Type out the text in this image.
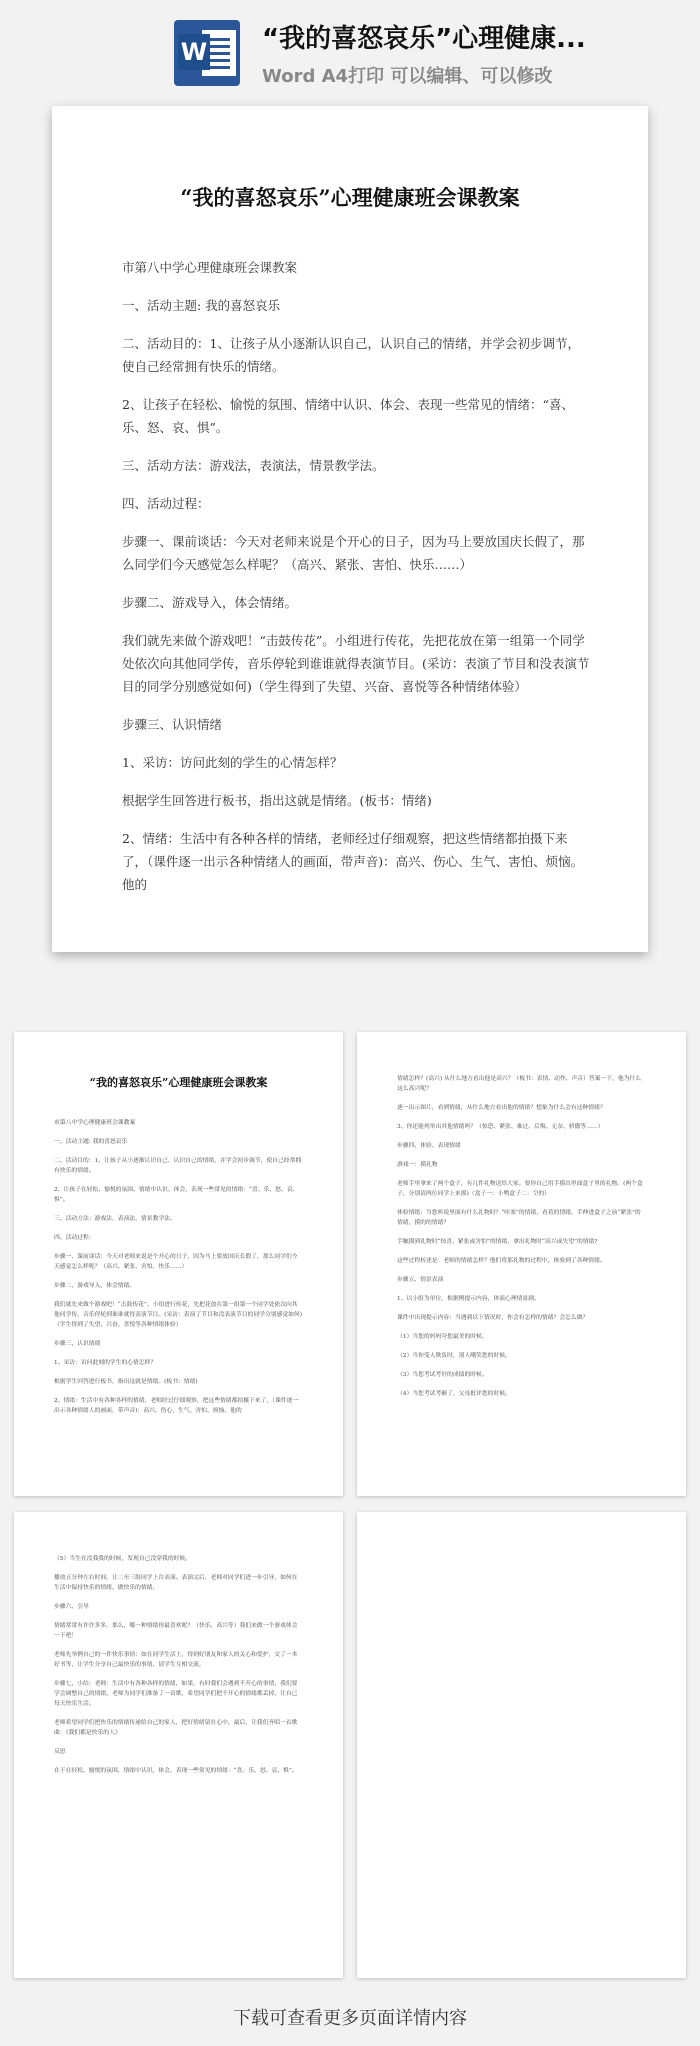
W “我的喜怒哀乐”心理健康...
Word A4打印 可以编辑、可以修改
“我的喜怒哀乐”心理健康班会课教案

市第八中学心理健康班会课教案

一、活动主题: 我的喜怒哀乐

二、活动目的：1、让孩子从小逐渐认识自己，认识自己的情绪，并学会初步调节，使自己经常拥有快乐的情绪。

2、让孩子在轻松、愉悦的氛围、情绪中认识、体会、表现一些常见的情绪：“喜、乐、怒、哀、惧”。

三、活动方法：游戏法，表演法，情景教学法。

四、活动过程：

步骤一、课前谈话：今天对老师来说是个开心的日子，因为马上要放国庆长假了，那么同学们今天感觉怎么样呢？（高兴、紧张、害怕、快乐……）

步骤二、游戏导入，体会情绪。

我们就先来做个游戏吧！“击鼓传花”。小组进行传花，先把花放在第一组第一个同学处依次向其他同学传，音乐停轮到谁谁就得表演节目。(采访：表演了节目和没表演节目的同学分别感觉如何)（学生得到了失望、兴奋、喜悦等各种情绪体验）

步骤三、认识情绪

1、采访：访问此刻的学生的心情怎样？

根据学生回答进行板书，指出这就是情绪。(板书：情绪)

2、情绪：生活中有各种各样的情绪，老师经过仔细观察，把这些情绪都拍摄下来了，（课件逐一出示各种情绪人的画面，带声音)：高兴、伤心、生气、害怕、烦恼。他的

“我的喜怒哀乐”心理健康班会课教案

市第八中学心理健康班会课教案

一、活动主题: 我的喜怒哀乐

二、活动目的：1、让孩子从小逐渐认识自己，认识自己的情绪，并学会初步调节，使自己经常拥有快乐的情绪。

2、让孩子在轻松、愉悦的氛围、情绪中认识、体会、表现一些常见的情绪：“喜、乐、怒、哀、惧”。

三、活动方法：游戏法，表演法，情景教学法。

四、活动过程：

步骤一、课前谈话：今天对老师来说是个开心的日子，因为马上要放国庆长假了，那么同学们今天感觉怎么样呢？（高兴、紧张、害怕、快乐……）

步骤二、游戏导入，体会情绪。

我们就先来做个游戏吧！“击鼓传花”。小组进行传花，先把花放在第一组第一个同学处依次向其他同学传，音乐停轮到谁谁就得表演节目。(采访：表演了节目和没表演节目的同学分别感觉如何)（学生得到了失望、兴奋、喜悦等各种情绪体验）

步骤三、认识情绪

1、采访：访问此刻的学生的心情怎样？

根据学生回答进行板书，指出这就是情绪。(板书：情绪)

2、情绪：生活中有各种各样的情绪，老师经过仔细观察，把这些情绪都拍摄下来了，（课件逐一出示各种情绪人的画面，带声音)：高兴、伤心、生气、害怕、烦恼。他的

情绪怎样？(高兴) 从什么地方看出他是高兴？（板书：表情、动作、声音）答案一下，他为什么这么高兴呢？

逐一出示图片，看到情绪，从什么地方看出他的情绪？想象为什么会有这种情绪？

3、你还能列举出其他情绪吗？（惊恐、紧张、难过、后悔、无奈、骄傲等……）

步骤四、体验、表现情绪

游戏一：摸礼物

老师手里拿来了两个盒子，有几件礼物送给大家。要你自己用手摸出里面盒子里的礼物。(两个盒子，分别请两位同学上来摸)（盒子一：小鸭盒子二：空的）

体验情绪：当您听说里面有什么礼物时？“哇塞”的情绪，看着的情绪，手伸进盒子之前“紧张”的情绪，摸的的情绪？

手触摸到礼物时“惊喜、紧张或害怕”的情绪，拿出礼物时“高兴或失望”的情绪?

这些过程转述是：老师的情绪怎样？他们将那礼物的过程中，体验到了各种情绪。

步骤五、情景表演

1、以小组为单位，根据例提示内容，体演心理情景剧。

课件中出现提示内容：当遇到以下情况时，你会有怎样的情绪？会怎么做？

（1）当您的妈妈夸您最美的时候。

（2）当你受人欺负时，别人嘲笑您的时候。

（3）当您考试考好的成绩的时候。

（4）当您考试考砸了，父母批评您的时候。

（5）当生在没我我的时候，发现自己没穿我的时候。

播放五分钟左右时间，让二至三组同学上台表演。表演完后，老师对同学们进一步引导，如何在生活中保持快乐的情绪，做快乐的情绪。

步骤六、引导

情绪常常有许许多多，那么，哪一种情绪你最喜欢呢？（快乐、高兴等）我们来做一个游戏体会一下吧！

老师先举例自己的一件快乐事情：如在同学生活上，得到好朋友和家人的关心和爱护，交了一本好书等，让学生分享自己最快乐的事情，请学生互相交流。

步骤七、小结：老师：生活中有各种各样的情绪，如果，有时我们会遇到不开心的事情，我们要学会调整自己的情绪，老师为同学们准备了一首歌，希望同学们把不开心的情绪都丢掉，让自己每天快乐生活。

老师希望同学们把快乐的情绪传递给自己的家人，把好情绪留在心中，最后，让我们齐唱一首歌曲：《我们都是快乐的人》

反思

在于在轻松、愉悦的氛围，情绪中认识，体会，表现一些常见的情绪：“喜、乐、怒、哀、惧”。

下载可查看更多页面详情内容
